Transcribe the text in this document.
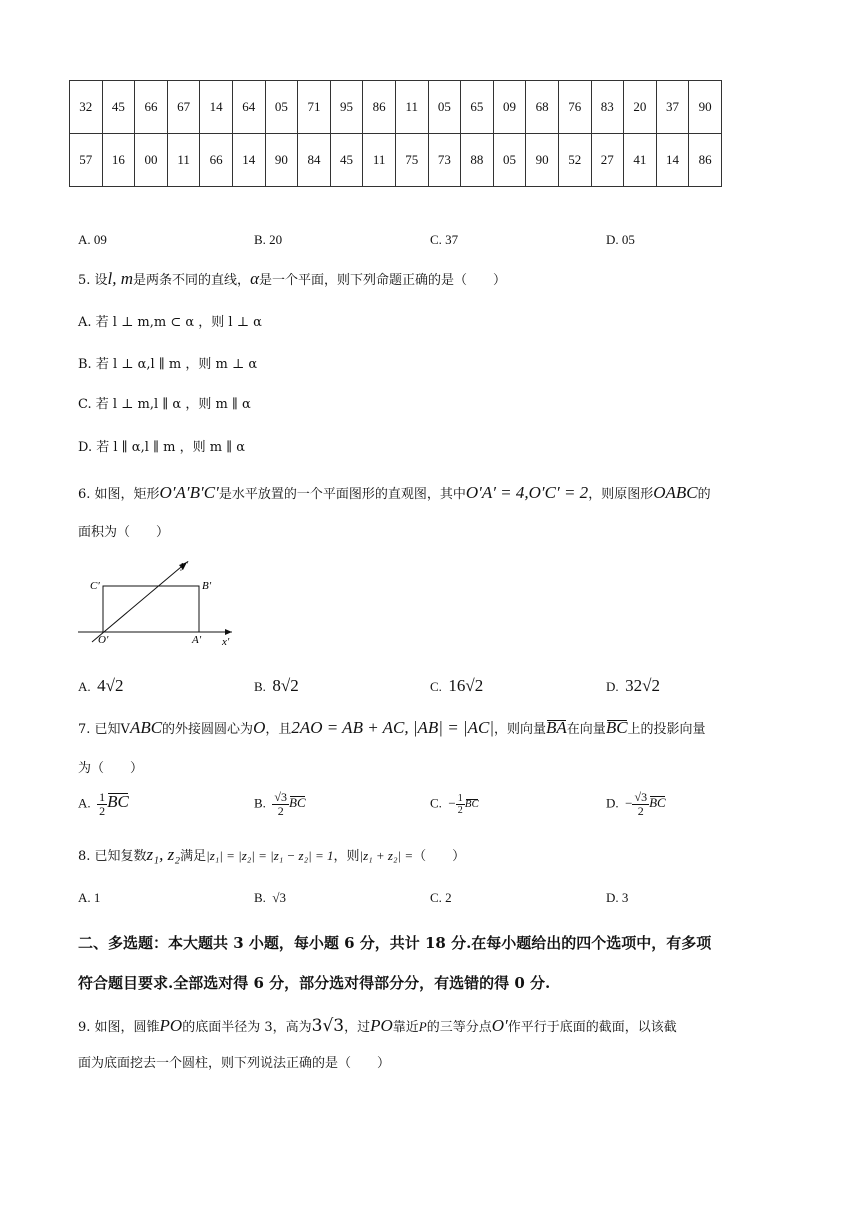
32	45	66	67	14	64	05	71	95	86	11	05	65	09	68	76	83	20	37	90
57	16	00	11	66	14	90	84	45	11	75	73	88	05	90	52	27	41	14	86
A. 09	B. 20	C. 37	D. 05
5. 设l, m是两条不同的直线，α是一个平面，则下列命题正确的是（　　）
A. 若 l ⊥ m,m ⊂ α ，则 l ⊥ α
B. 若 l ⊥ α,l ∥ m ，则 m ⊥ α
C. 若 l ⊥ m,l ∥ α ，则 m ∥ α
D. 若 l ∥ α,l ∥ m ，则 m ∥ α
6. 如图，矩形O′A′B′C′是水平放置的一个平面图形的直观图，其中O′A′ = 4,O′C′ = 2，则原图形OABC的
面积为（　　）
y′
C′	B′
O′	A′ x′
A. 4√2	B. 8√2	C. 16√2	D. 32√2
7. 已知VABC的外接圆圆心为O，且2AO = AB + AC, |AB| = |AC|，则向量BA在向量BC上的投影向量
为（　　）
A. $\frac{1}{2}$ BC	B. $\frac{√3}{2}$ BC	C. − $\frac{1}{2}$ BC	D. − $\frac{√3}{2}$ BC
8. 已知复数z₁, z₂满足|z₁| = |z₂| = |z₁ − z₂| = 1，则|z₁ + z₂| =（　　）
A. 1	B. √3	C. 2	D. 3
二、多选题：本大题共 3 小题，每小题 6 分，共计 18 分.在每小题给出的四个选项中，有多项
符合题目要求.全部选对得 6 分，部分选对得部分分，有选错的得 0 分.
9. 如图，圆锥PO的底面半径为 3，高为3√3，过PO靠近P的三等分点O′作平行于底面的截面，以该截
面为底面挖去一个圆柱，则下列说法正确的是（　　）
